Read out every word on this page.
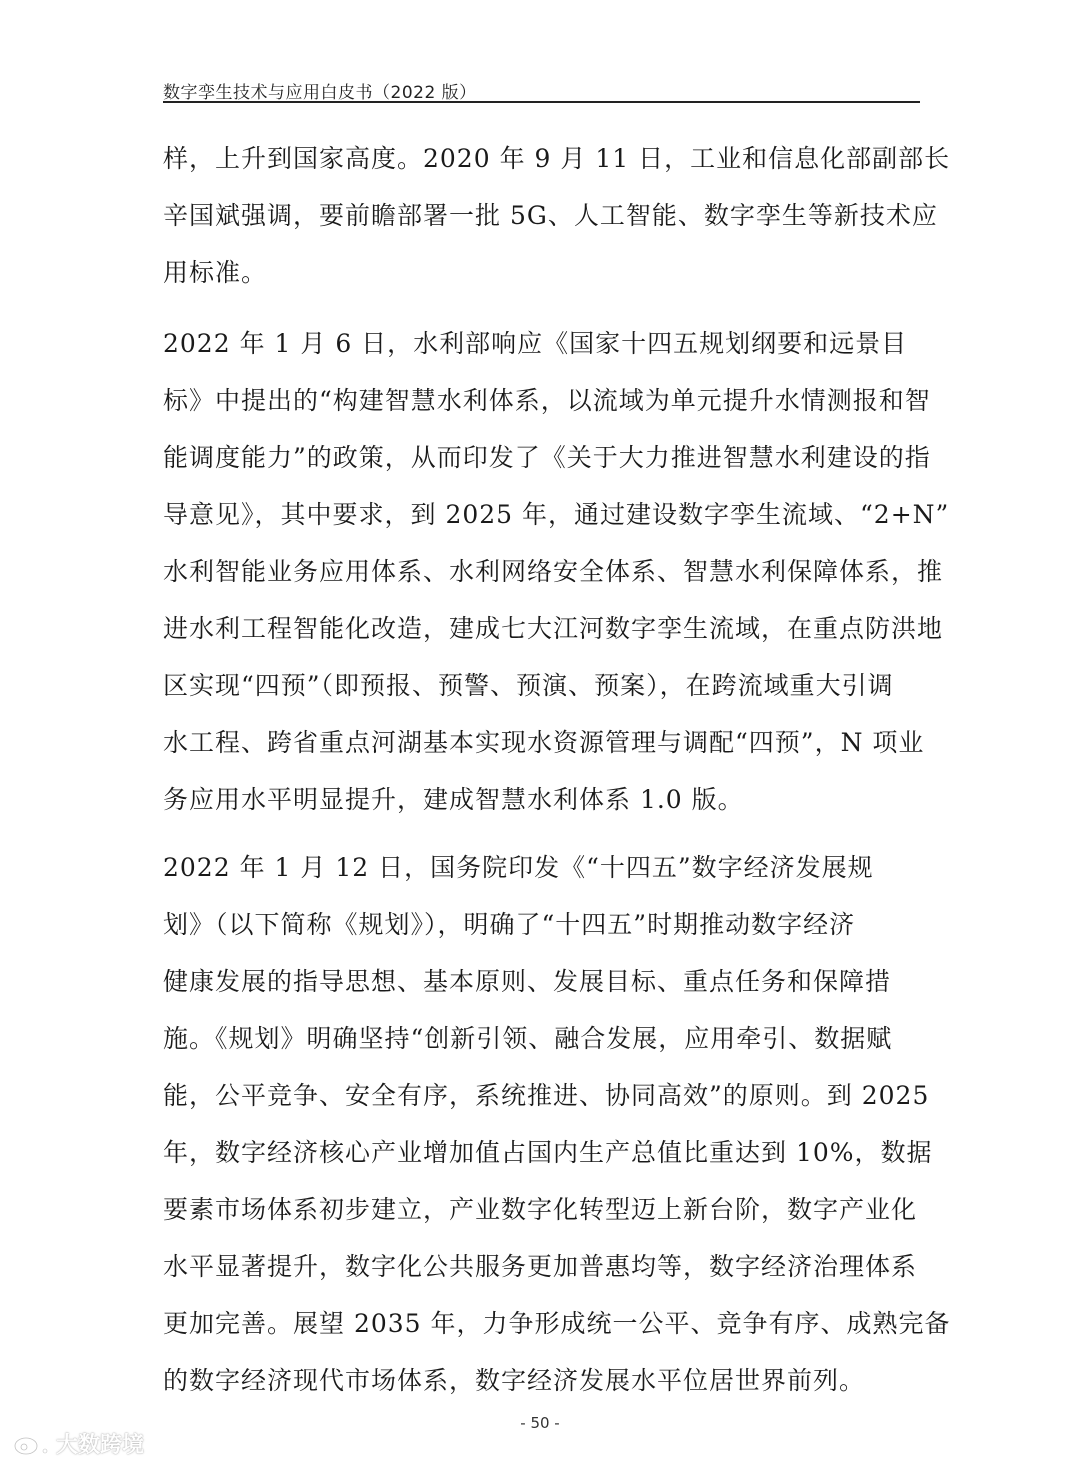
数字孪生技术与应用白皮书（2022 版）
样，上升到国家高度。2020 年 9 月 11 日，工业和信息化部副部长
辛国斌强调，要前瞻部署一批 5G、人工智能、数字孪生等新技术应
用标准。
2022 年 1 月 6 日，水利部响应《国家十四五规划纲要和远景目
标》中提出的“构建智慧水利体系，以流域为单元提升水情测报和智
能调度能力”的政策，从而印发了《关于大力推进智慧水利建设的指
导意见》，其中要求，到 2025 年，通过建设数字孪生流域、“2+N”
水利智能业务应用体系、水利网络安全体系、智慧水利保障体系，推
进水利工程智能化改造，建成七大江河数字孪生流域，在重点防洪地
区实现“四预”（即预报、预警、预演、预案），在跨流域重大引调
水工程、跨省重点河湖基本实现水资源管理与调配“四预”，N 项业
务应用水平明显提升，建成智慧水利体系 1.0 版。
2022 年 1 月 12 日，国务院印发《“十四五”数字经济发展规
划》（以下简称《规划》），明确了“十四五”时期推动数字经济
健康发展的指导思想、基本原则、发展目标、重点任务和保障措
施。《规划》明确坚持“创新引领、融合发展，应用牵引、数据赋
能，公平竞争、安全有序，系统推进、协同高效”的原则。到 2025
年，数字经济核心产业增加值占国内生产总值比重达到 10%，数据
要素市场体系初步建立，产业数字化转型迈上新台阶，数字产业化
水平显著提升，数字化公共服务更加普惠均等，数字经济治理体系
更加完善。展望 2035 年，力争形成统一公平、竞争有序、成熟完备
的数字经济现代市场体系，数字经济发展水平位居世界前列。
- 50 -
大数跨境
